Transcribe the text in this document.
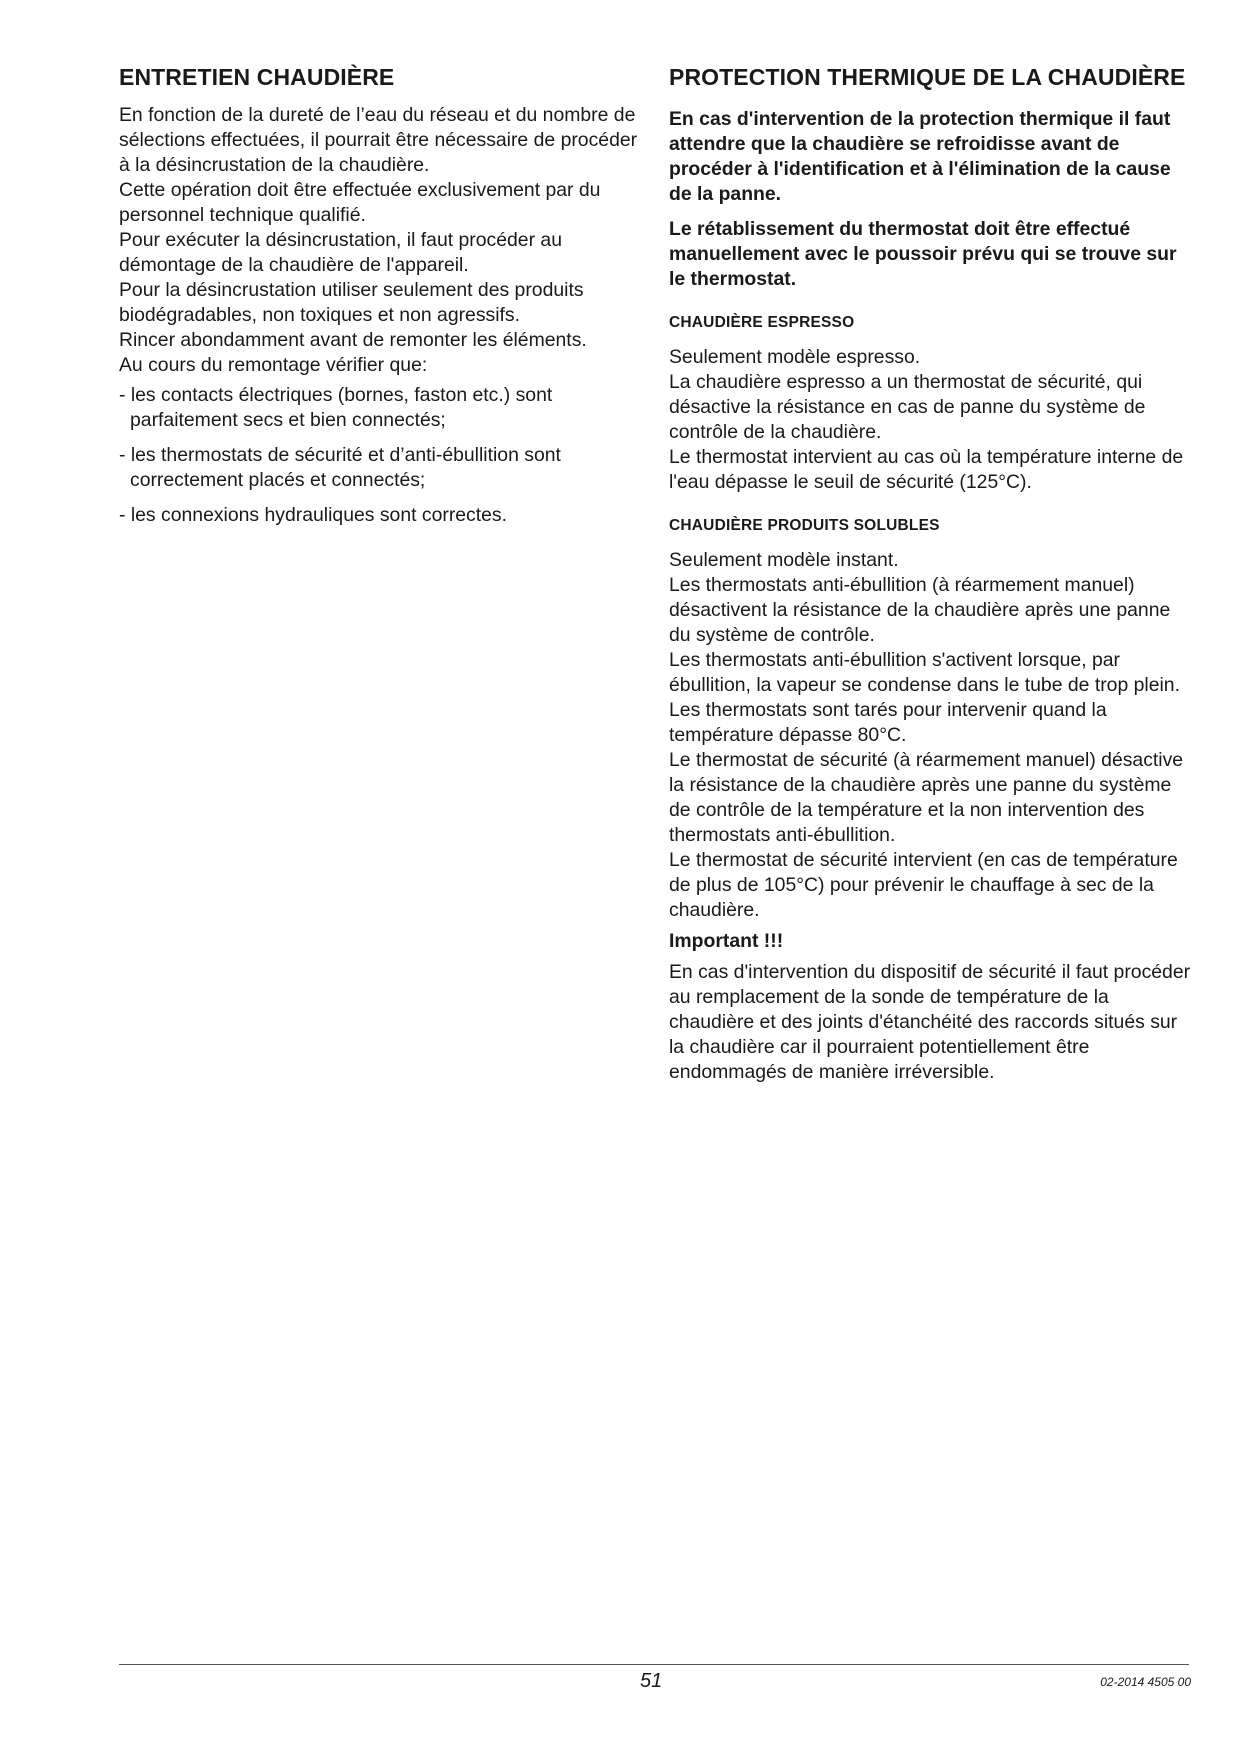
ENTRETIEN CHAUDIÈRE

En fonction de la dureté de l’eau du réseau et du nombre de sélections effectuées, il pourrait être nécessaire de procéder à la désincrustation de la chaudière.

Cette opération doit être effectuée exclusivement par du personnel technique qualifié.

Pour exécuter la désincrustation, il faut procéder au démontage de la chaudière de l'appareil.

Pour la désincrustation utiliser seulement des produits biodégradables, non toxiques et non agressifs.

Rincer abondamment avant de remonter les éléments.

Au cours du remontage vérifier que:

- les contacts électriques (bornes, faston etc.) sont parfaitement secs et bien connectés;
- les thermostats de sécurité et d’anti-ébullition sont correctement placés et connectés;
- les connexions hydrauliques sont correctes.
PROTECTION THERMIQUE DE LA CHAUDIÈRE

En cas d'intervention de la protection thermique il faut attendre que la chaudière se refroidisse avant de procéder à l'identification et à l'élimination de la cause de la panne.

Le rétablissement du thermostat doit être effectué manuellement avec le poussoir prévu qui se trouve sur le thermostat.

CHAUDIÈRE ESPRESSO

Seulement modèle espresso.

La chaudière espresso a un thermostat de sécurité, qui désactive la résistance en cas de panne du système de contrôle de la chaudière.

Le thermostat intervient au cas où la température interne de l'eau dépasse le seuil de sécurité (125°C).

CHAUDIÈRE PRODUITS SOLUBLES

Seulement modèle instant.

Les thermostats anti-ébullition (à réarmement manuel) désactivent la résistance de la chaudière après une panne du système de contrôle.

Les thermostats anti-ébullition s'activent lorsque, par ébullition, la vapeur se condense dans le tube de trop plein.

Les thermostats sont tarés pour intervenir quand la température dépasse 80°C.

Le thermostat de sécurité (à réarmement manuel) désactive la résistance de la chaudière après une panne du système de contrôle de la température et la non intervention des thermostats anti-ébullition.

Le thermostat de sécurité intervient (en cas de température de plus de 105°C) pour prévenir le chauffage à sec de la chaudière.

Important !!!

En cas d'intervention du dispositif de sécurité il faut procéder au remplacement de la sonde de température de la chaudière et des joints d'étanchéité des raccords situés sur la chaudière car il pourraient potentiellement être endommagés de manière irréversible.

51	02-2014 4505 00
